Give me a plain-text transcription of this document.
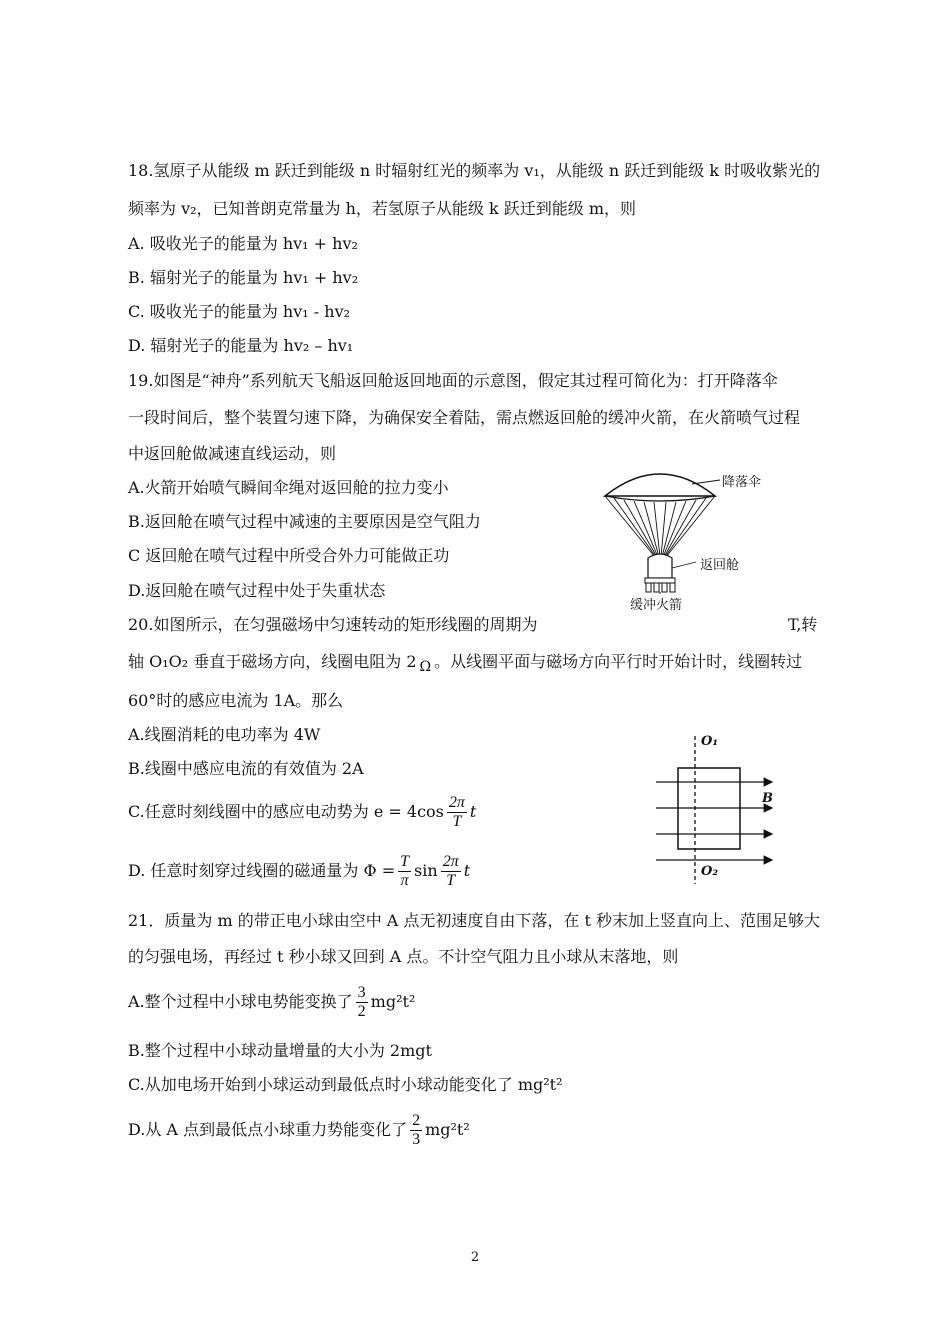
18.氢原子从能级 m 跃迁到能级 n 时辐射红光的频率为 v₁，从能级 n 跃迁到能级 k 时吸收紫光的
频率为 v₂，已知普朗克常量为 h，若氢原子从能级 k 跃迁到能级 m，则
A. 吸收光子的能量为 hv₁ + hv₂
B. 辐射光子的能量为 hv₁ + hv₂
C. 吸收光子的能量为 hv₁ - hv₂
D. 辐射光子的能量为 hv₂ – hv₁
19.如图是“神舟”系列航天飞船返回舱返回地面的示意图，假定其过程可简化为：打开降落伞
一段时间后，整个装置匀速下降，为确保安全着陆，需点燃返回舱的缓冲火箭，在火箭喷气过程
中返回舱做减速直线运动，则
A.火箭开始喷气瞬间伞绳对返回舱的拉力变小
B.返回舱在喷气过程中减速的主要原因是空气阻力
C 返回舱在喷气过程中所受合外力可能做正功
D.返回舱在喷气过程中处于失重状态
降落伞
返回舱
缓冲火箭
20.如图所示，在匀强磁场中匀速转动的矩形线圈的周期为	T,转
轴 O₁O₂ 垂直于磁场方向，线圈电阻为 2 Ω 。从线圈平面与磁场方向平行时开始计时，线圈转过
60°时的感应电流为 1A。那么
A.线圈消耗的电功率为 4W
B.线圈中感应电流的有效值为 2A
C.任意时刻线圈中的感应电动势为 $e = 4\cos \frac{2\pi}{T}$ t
D. 任意时刻穿过线圈的磁通量为 $\Phi = \frac{T}{\pi}$ $\sin \frac{2\pi}{T}$ t
O₁
O₂
B
21．质量为 m 的带正电小球由空中 A 点无初速度自由下落，在 t 秒末加上竖直向上、范围足够大
的匀强电场，再经过 t 秒小球又回到 A 点。不计空气阻力且小球从末落地，则
A.整个过程中小球电势能变换了 $\frac{3}{2} mg^2t^2$
B.整个过程中小球动量增量的大小为 2mgt
C.从加电场开始到小球运动到最低点时小球动能变化了 mg²t²
D.从 A 点到最低点小球重力势能变化了 $\frac{2}{3} mg^2t^2$
2
